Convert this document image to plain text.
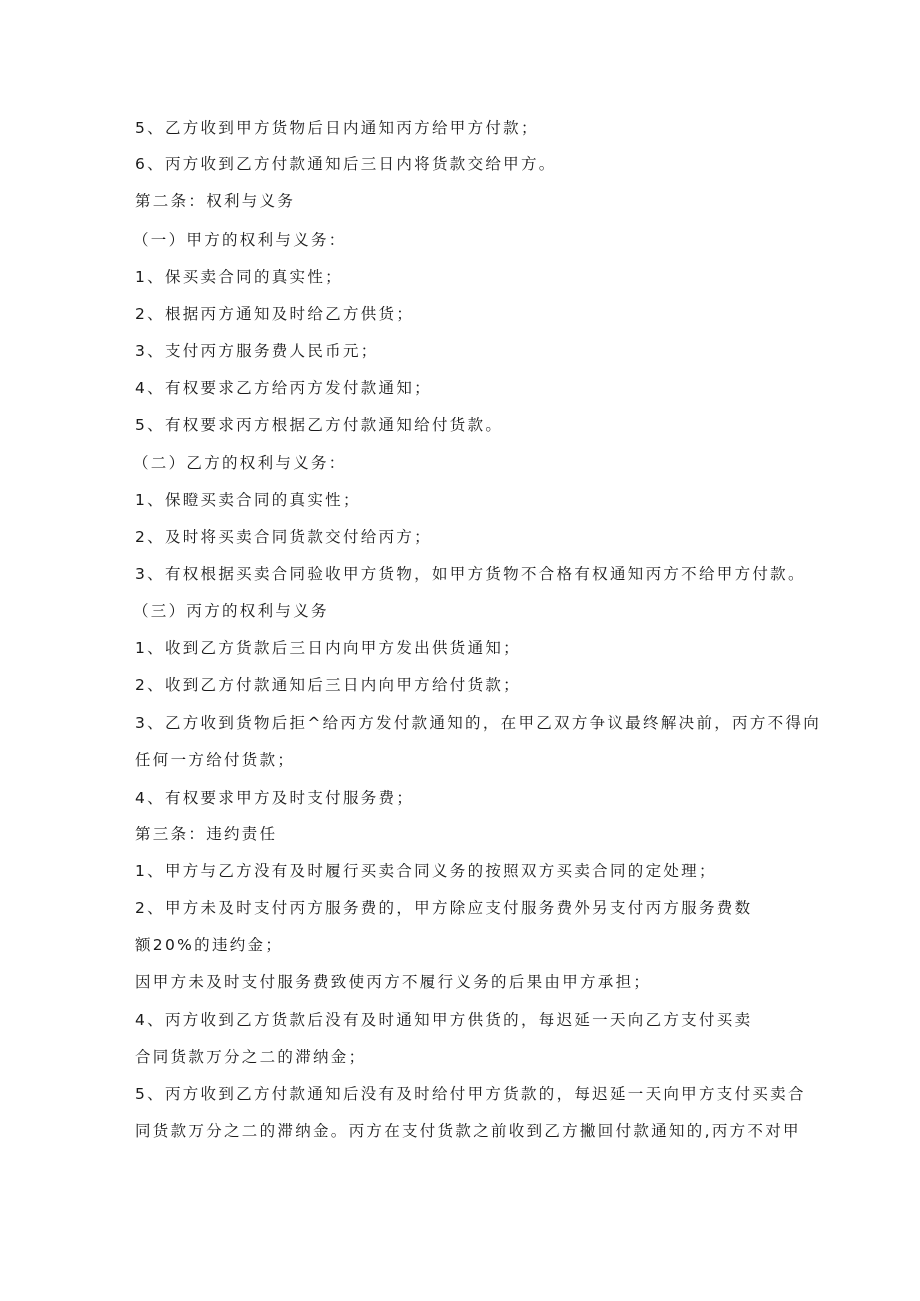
5、乙方收到甲方货物后日内通知丙方给甲方付款；
6、丙方收到乙方付款通知后三日内将货款交给甲方。
第二条：权利与义务
（一）甲方的权利与义务：
1、保买卖合同的真实性；
2、根据丙方通知及时给乙方供货；
3、支付丙方服务费人民币元；
4、有权要求乙方给丙方发付款通知；
5、有权要求丙方根据乙方付款通知给付货款。
（二）乙方的权利与义务：
1、保瞪买卖合同的真实性；
2、及时将买卖合同货款交付给丙方；
3、有权根据买卖合同验收甲方货物，如甲方货物不合格有权通知丙方不给甲方付款。
（三）丙方的权利与义务
1、收到乙方货款后三日内向甲方发出供货通知；
2、收到乙方付款通知后三日内向甲方给付货款；
3、乙方收到货物后拒^给丙方发付款通知的，在甲乙双方争议最终解决前，丙方不得向
任何一方给付货款；
4、有权要求甲方及时支付服务费；
第三条：违约责任
1、甲方与乙方没有及时履行买卖合同义务的按照双方买卖合同的定处理；
2、甲方未及时支付丙方服务费的，甲方除应支付服务费外另支付丙方服务费数
额20%的违约金；
因甲方未及时支付服务费致使丙方不履行义务的后果由甲方承担；
4、丙方收到乙方货款后没有及时通知甲方供货的，每迟延一天向乙方支付买卖
合同货款万分之二的滞纳金；
5、丙方收到乙方付款通知后没有及时给付甲方货款的，每迟延一天向甲方支付买卖合
同货款万分之二的滞纳金。丙方在支付货款之前收到乙方撇回付款通知的,丙方不对甲
